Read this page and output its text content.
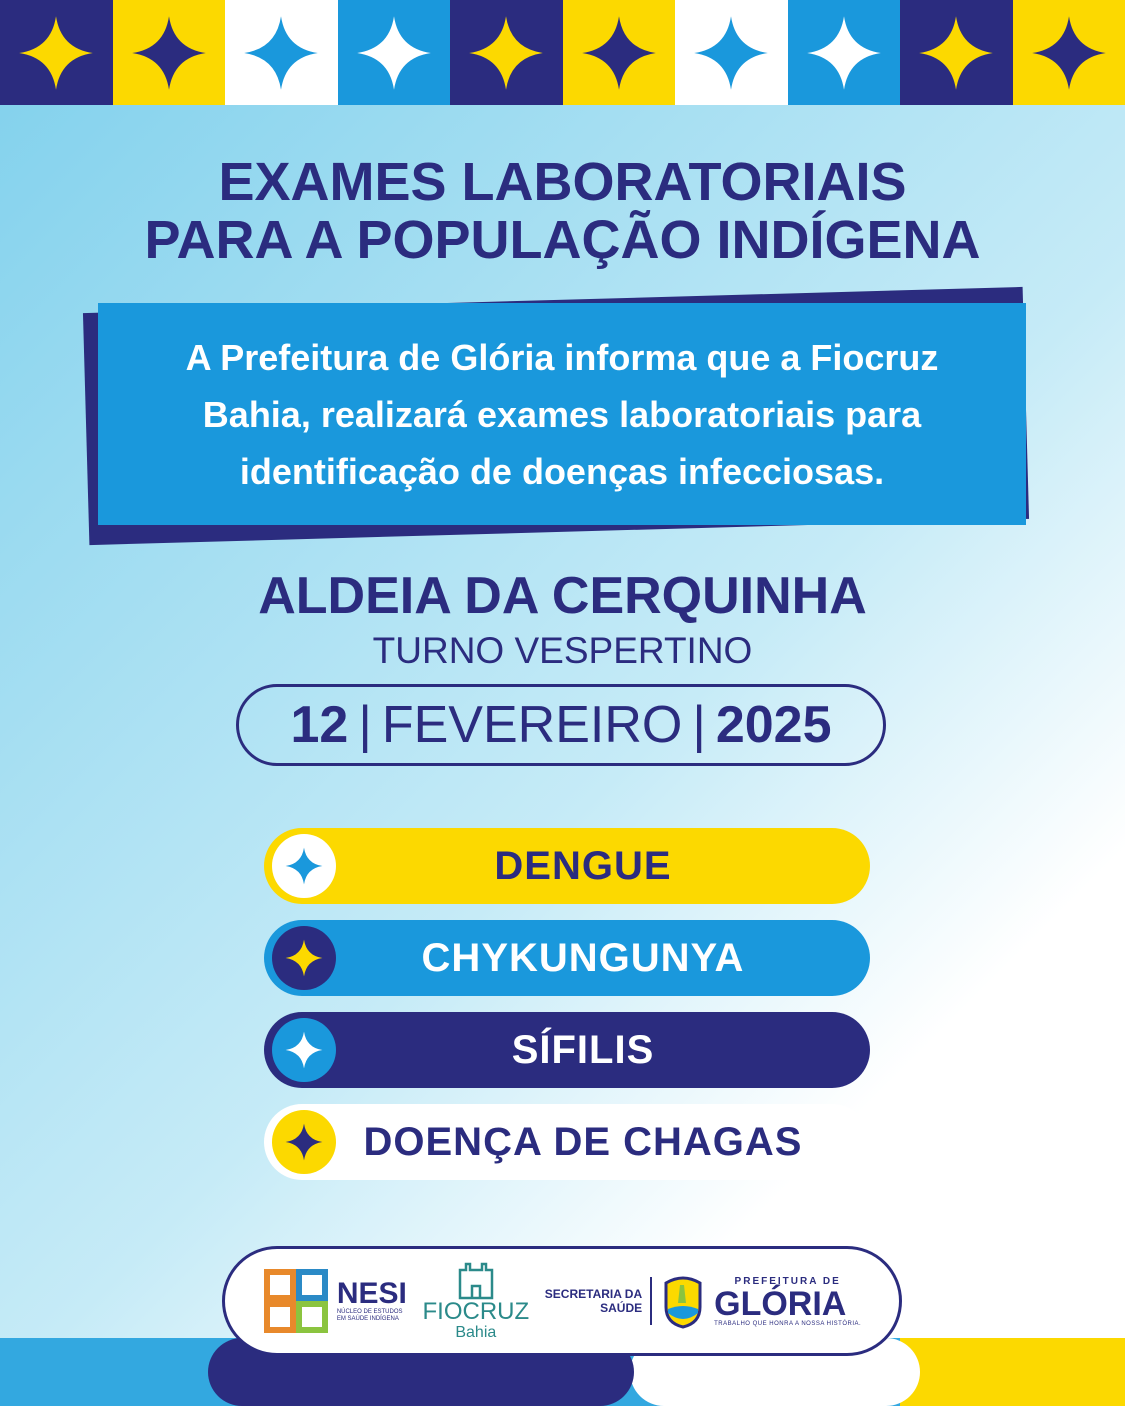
EXAMES LABORATORIAIS
PARA A POPULAÇÃO INDÍGENA
A Prefeitura de Glória informa que a Fiocruz
Bahia, realizará exames laboratoriais para
identificação de doenças infecciosas.
ALDEIA DA CERQUINHA
TURNO VESPERTINO
12 | FEVEREIRO | 2025
DENGUE
CHYKUNGUNYA
SÍFILIS
DOENÇA DE CHAGAS
NESI
NÚCLEO DE ESTUDOS EM SAÚDE INDÍGENA FIOCRUZ
Bahia
SECRETARIA DA
SAÚDE
PREFEITURA DE
GLÓRIA
TRABALHO QUE HONRA A NOSSA HISTÓRIA.
